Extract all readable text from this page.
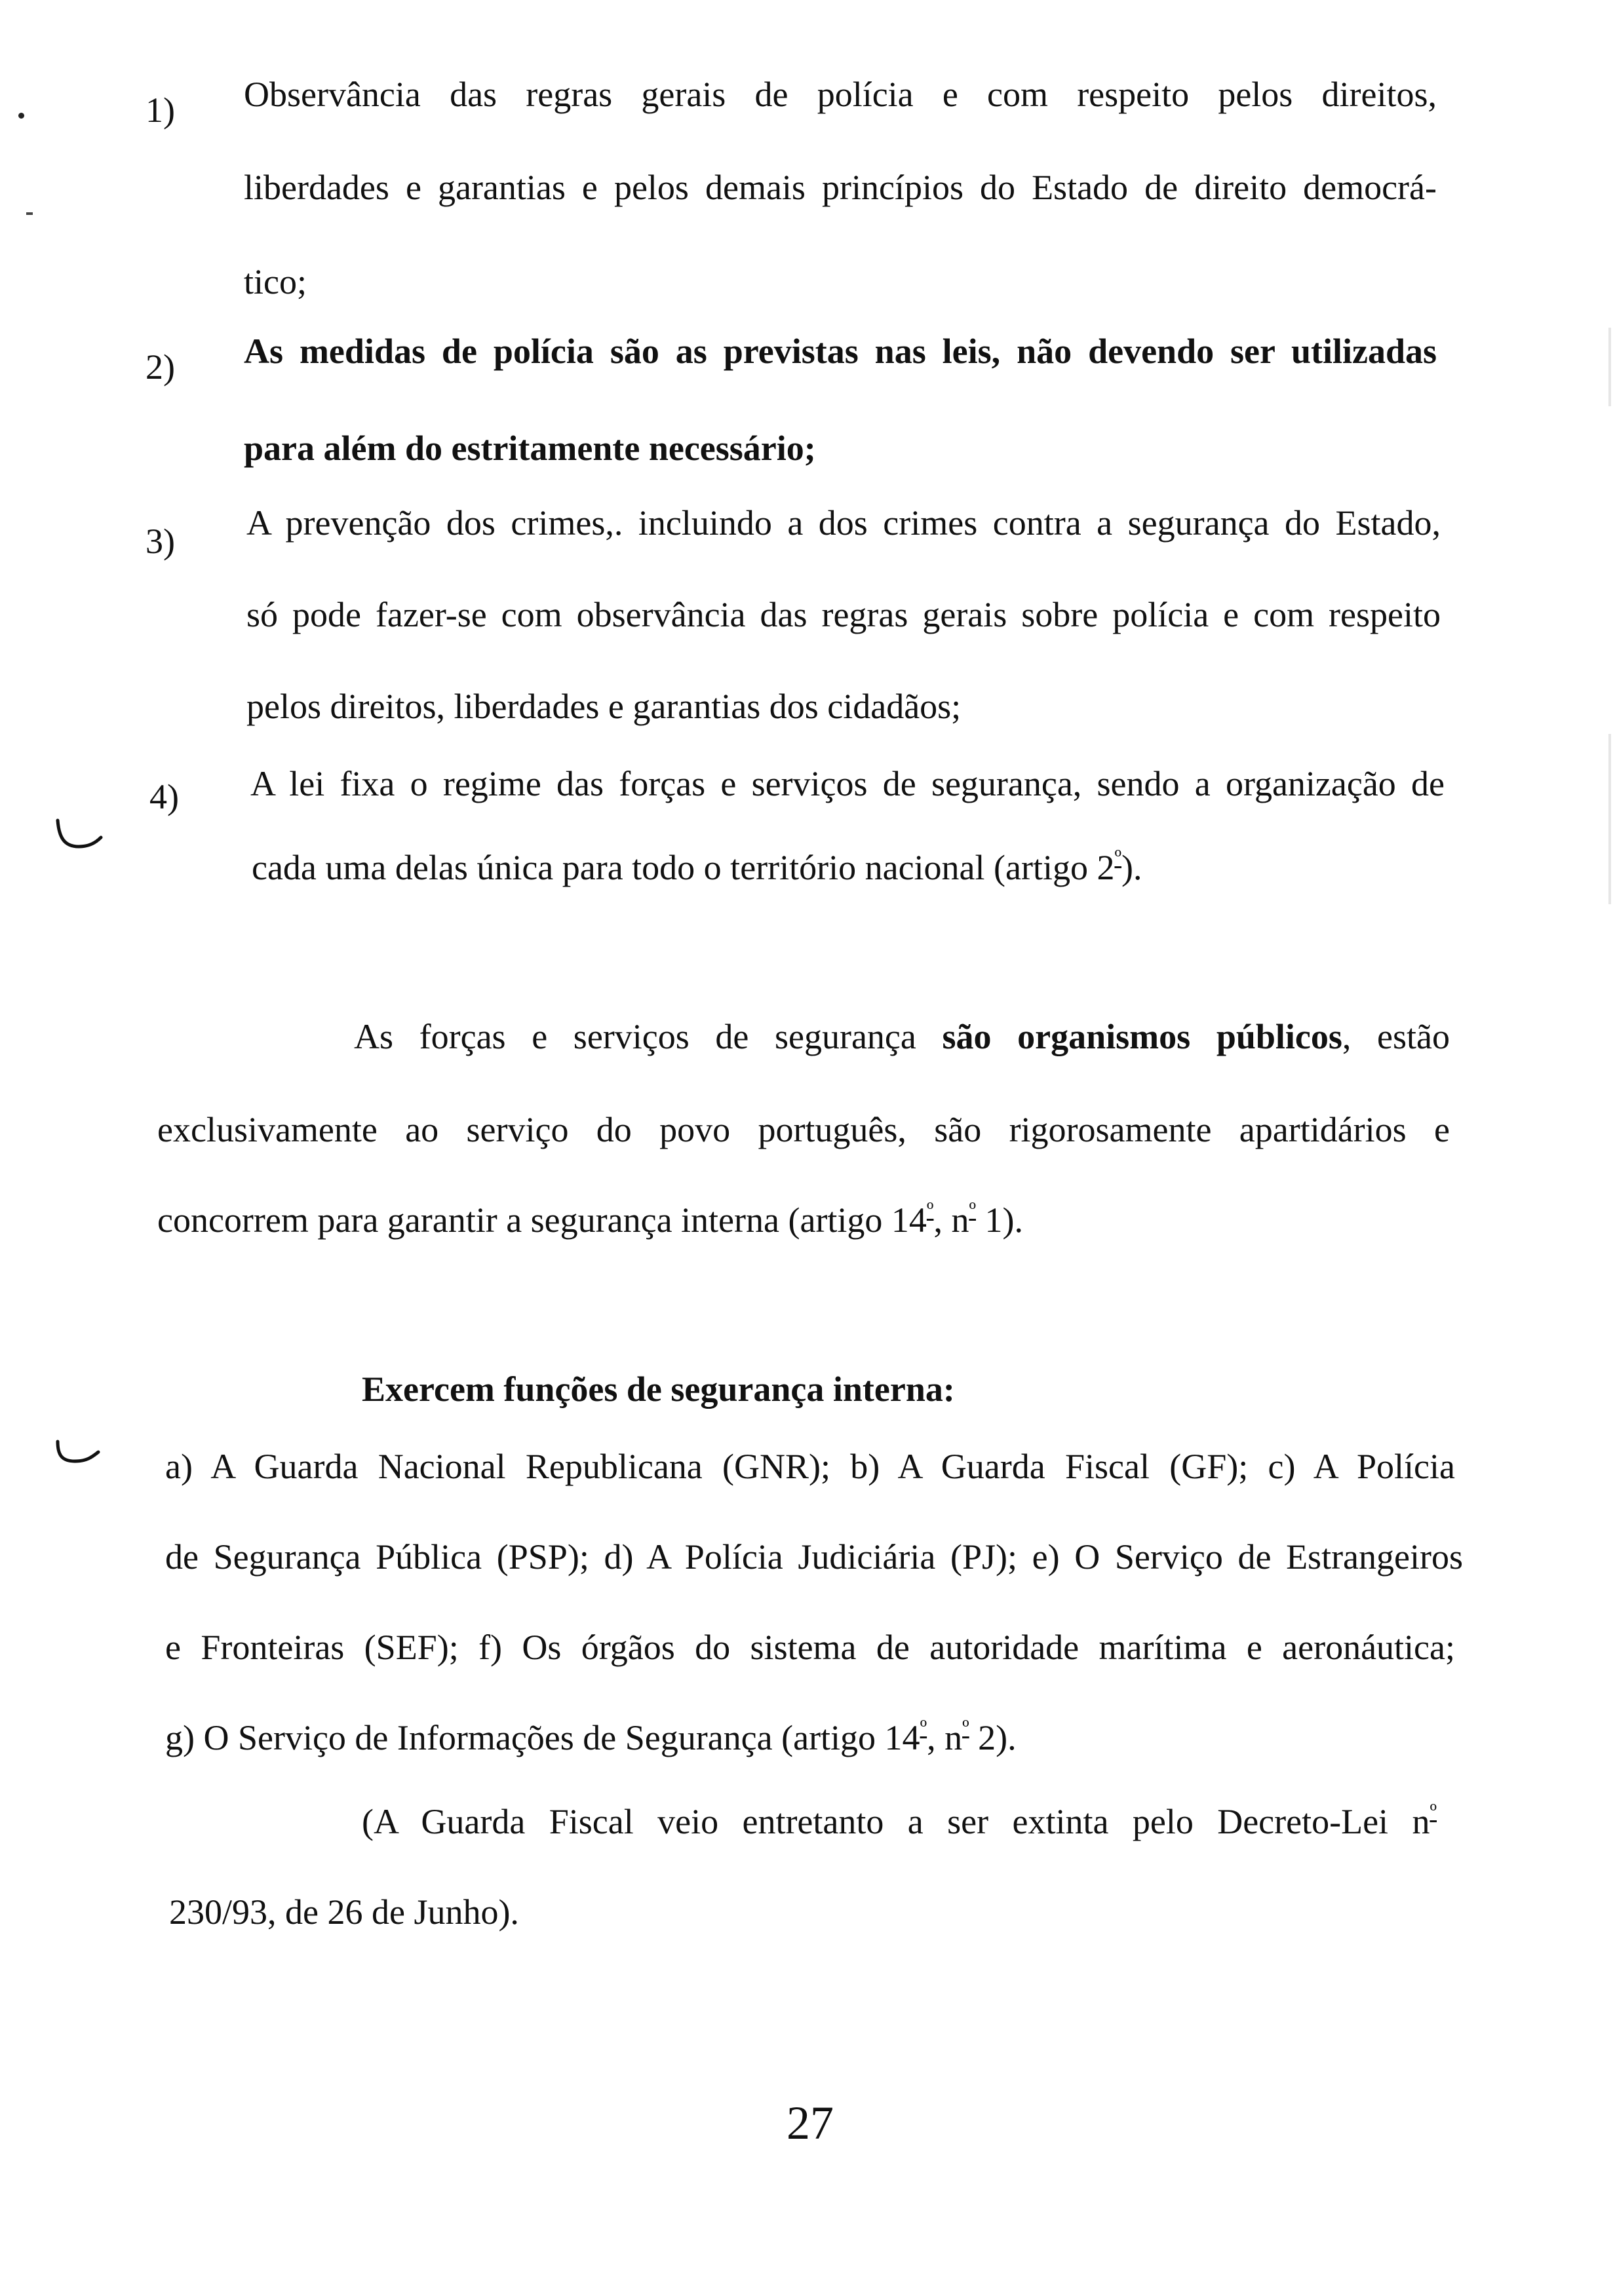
1) Observância das regras gerais de polícia e com respeito pelos direitos,
liberdades e garantias e pelos demais princípios do Estado de direito democrá-
tico;
2) As medidas de polícia são as previstas nas leis, não devendo ser utilizadas
para além do estritamente necessário;
3) A prevenção dos crimes,. incluindo a dos crimes contra a segurança do Estado,
só pode fazer-se com observância das regras gerais sobre polícia e com respeito
pelos direitos, liberdades e garantias dos cidadãos;
4) A lei fixa o regime das forças e serviços de segurança, sendo a organização de
cada uma delas única para todo o território nacional (artigo $2^º$).
As forças e serviços de segurança são organismos públicos, estão
exclusivamente ao serviço do povo português, são rigorosamente apartidários e
concorrem para garantir a segurança interna (artigo $14^º$, $n^º$ 1).
Exercem funções de segurança interna:
a) A Guarda Nacional Republicana (GNR); b) A Guarda Fiscal (GF); c) A Polícia
de Segurança Pública (PSP); d) A Polícia Judiciária (PJ); e) O Serviço de Estrangeiros
e Fronteiras (SEF); f) Os órgãos do sistema de autoridade marítima e aeronáutica;
g) O Serviço de Informações de Segurança (artigo $14^º$, $n^º$ 2).
(A Guarda Fiscal veio entretanto a ser extinta pelo Decreto-Lei $n^º$
230/93, de 26 de Junho).
27
